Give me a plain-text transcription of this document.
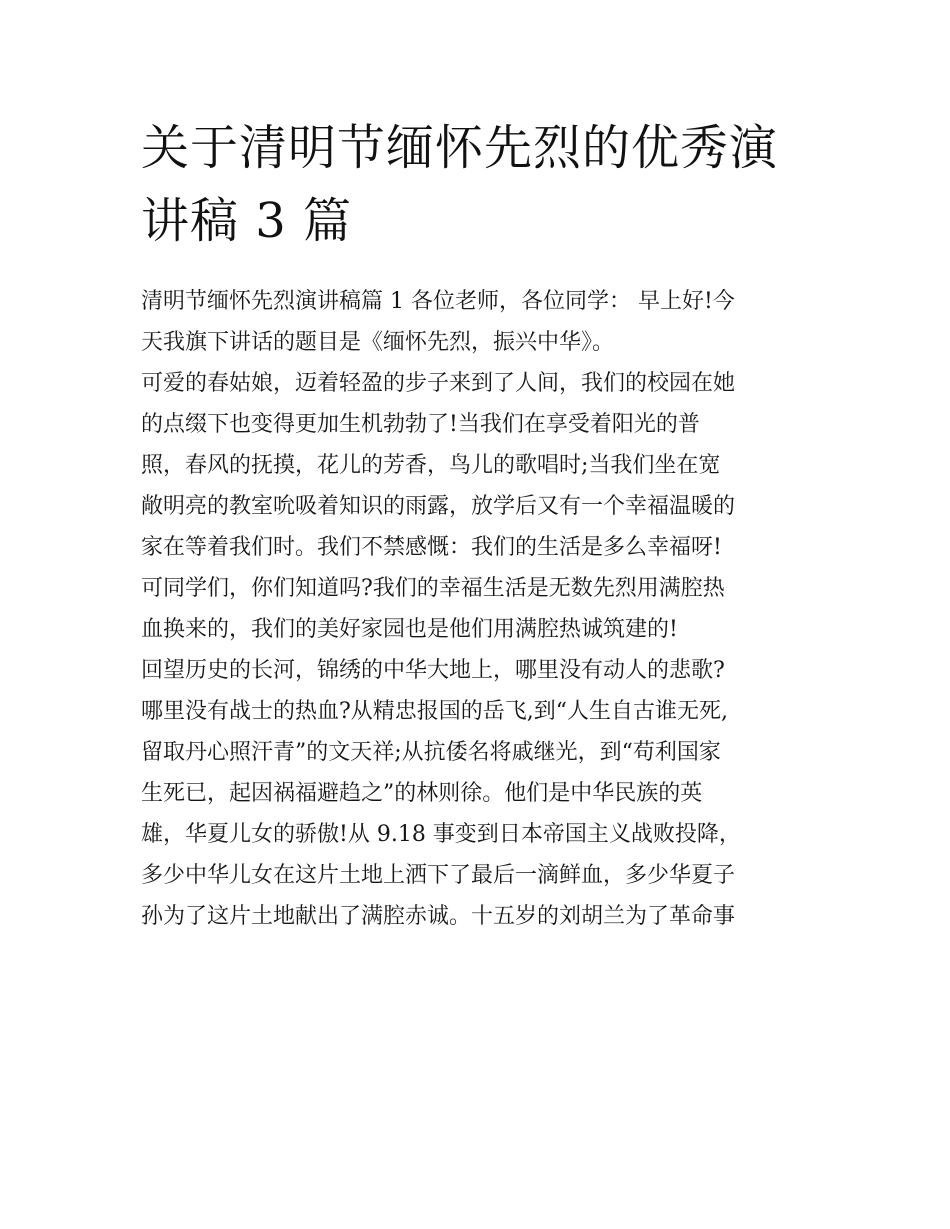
关于清明节缅怀先烈的优秀演
讲稿 3 篇
清明节缅怀先烈演讲稿篇 1 各位老师，各位同学： 早上好!今
天我旗下讲话的题目是《缅怀先烈，振兴中华》。
可爱的春姑娘，迈着轻盈的步子来到了人间，我们的校园在她
的点缀下也变得更加生机勃勃了!当我们在享受着阳光的普
照，春风的抚摸，花儿的芳香，鸟儿的歌唱时;当我们坐在宽
敞明亮的教室吮吸着知识的雨露，放学后又有一个幸福温暖的
家在等着我们时。我们不禁感慨：我们的生活是多么幸福呀!
可同学们，你们知道吗?我们的幸福生活是无数先烈用满腔热
血换来的，我们的美好家园也是他们用满腔热诚筑建的!
回望历史的长河，锦绣的中华大地上，哪里没有动人的悲歌?
哪里没有战士的热血?从精忠报国的岳飞,到“人生自古谁无死,
留取丹心照汗青”的文天祥;从抗倭名将戚继光，到“苟利国家
生死已，起因祸福避趋之”的林则徐。他们是中华民族的英
雄，华夏儿女的骄傲!从 9.18 事变到日本帝国主义战败投降，
多少中华儿女在这片土地上洒下了最后一滴鲜血，多少华夏子
孙为了这片土地献出了满腔赤诚。十五岁的刘胡兰为了革命事
